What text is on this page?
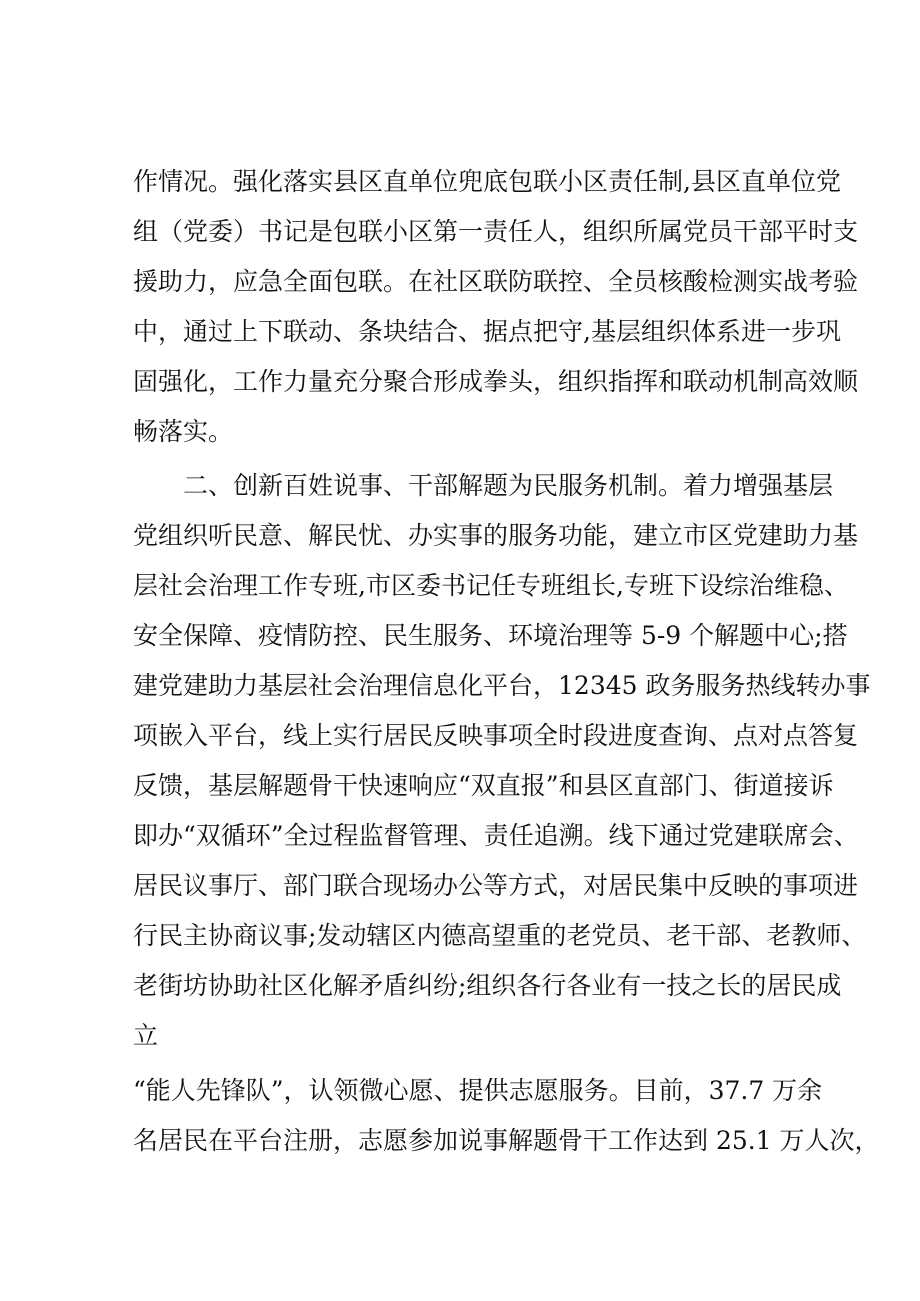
作情况。强化落实县区直单位兜底包联小区责任制,县区直单位党
组（党委）书记是包联小区第一责任人，组织所属党员干部平时支
援助力，应急全面包联。在社区联防联控、全员核酸检测实战考验
中，通过上下联动、条块结合、据点把守,基层组织体系进一步巩
固强化，工作力量充分聚合形成拳头，组织指挥和联动机制高效顺
畅落实。
二、创新百姓说事、干部解题为民服务机制。着力增强基层
党组织听民意、解民忧、办实事的服务功能，建立市区党建助力基
层社会治理工作专班,市区委书记任专班组长,专班下设综治维稳、
安全保障、疫情防控、民生服务、环境治理等 5-9 个解题中心;搭
建党建助力基层社会治理信息化平台，12345 政务服务热线转办事
项嵌入平台，线上实行居民反映事项全时段进度查询、点对点答复
反馈，基层解题骨干快速响应“双直报”和县区直部门、街道接诉
即办“双循环”全过程监督管理、责任追溯。线下通过党建联席会、
居民议事厅、部门联合现场办公等方式，对居民集中反映的事项进
行民主协商议事;发动辖区内德高望重的老党员、老干部、老教师、
老街坊协助社区化解矛盾纠纷;组织各行各业有一技之长的居民成
立
“能人先锋队”，认领微心愿、提供志愿服务。目前，37.7 万余
名居民在平台注册，志愿参加说事解题骨干工作达到 25.1 万人次，
